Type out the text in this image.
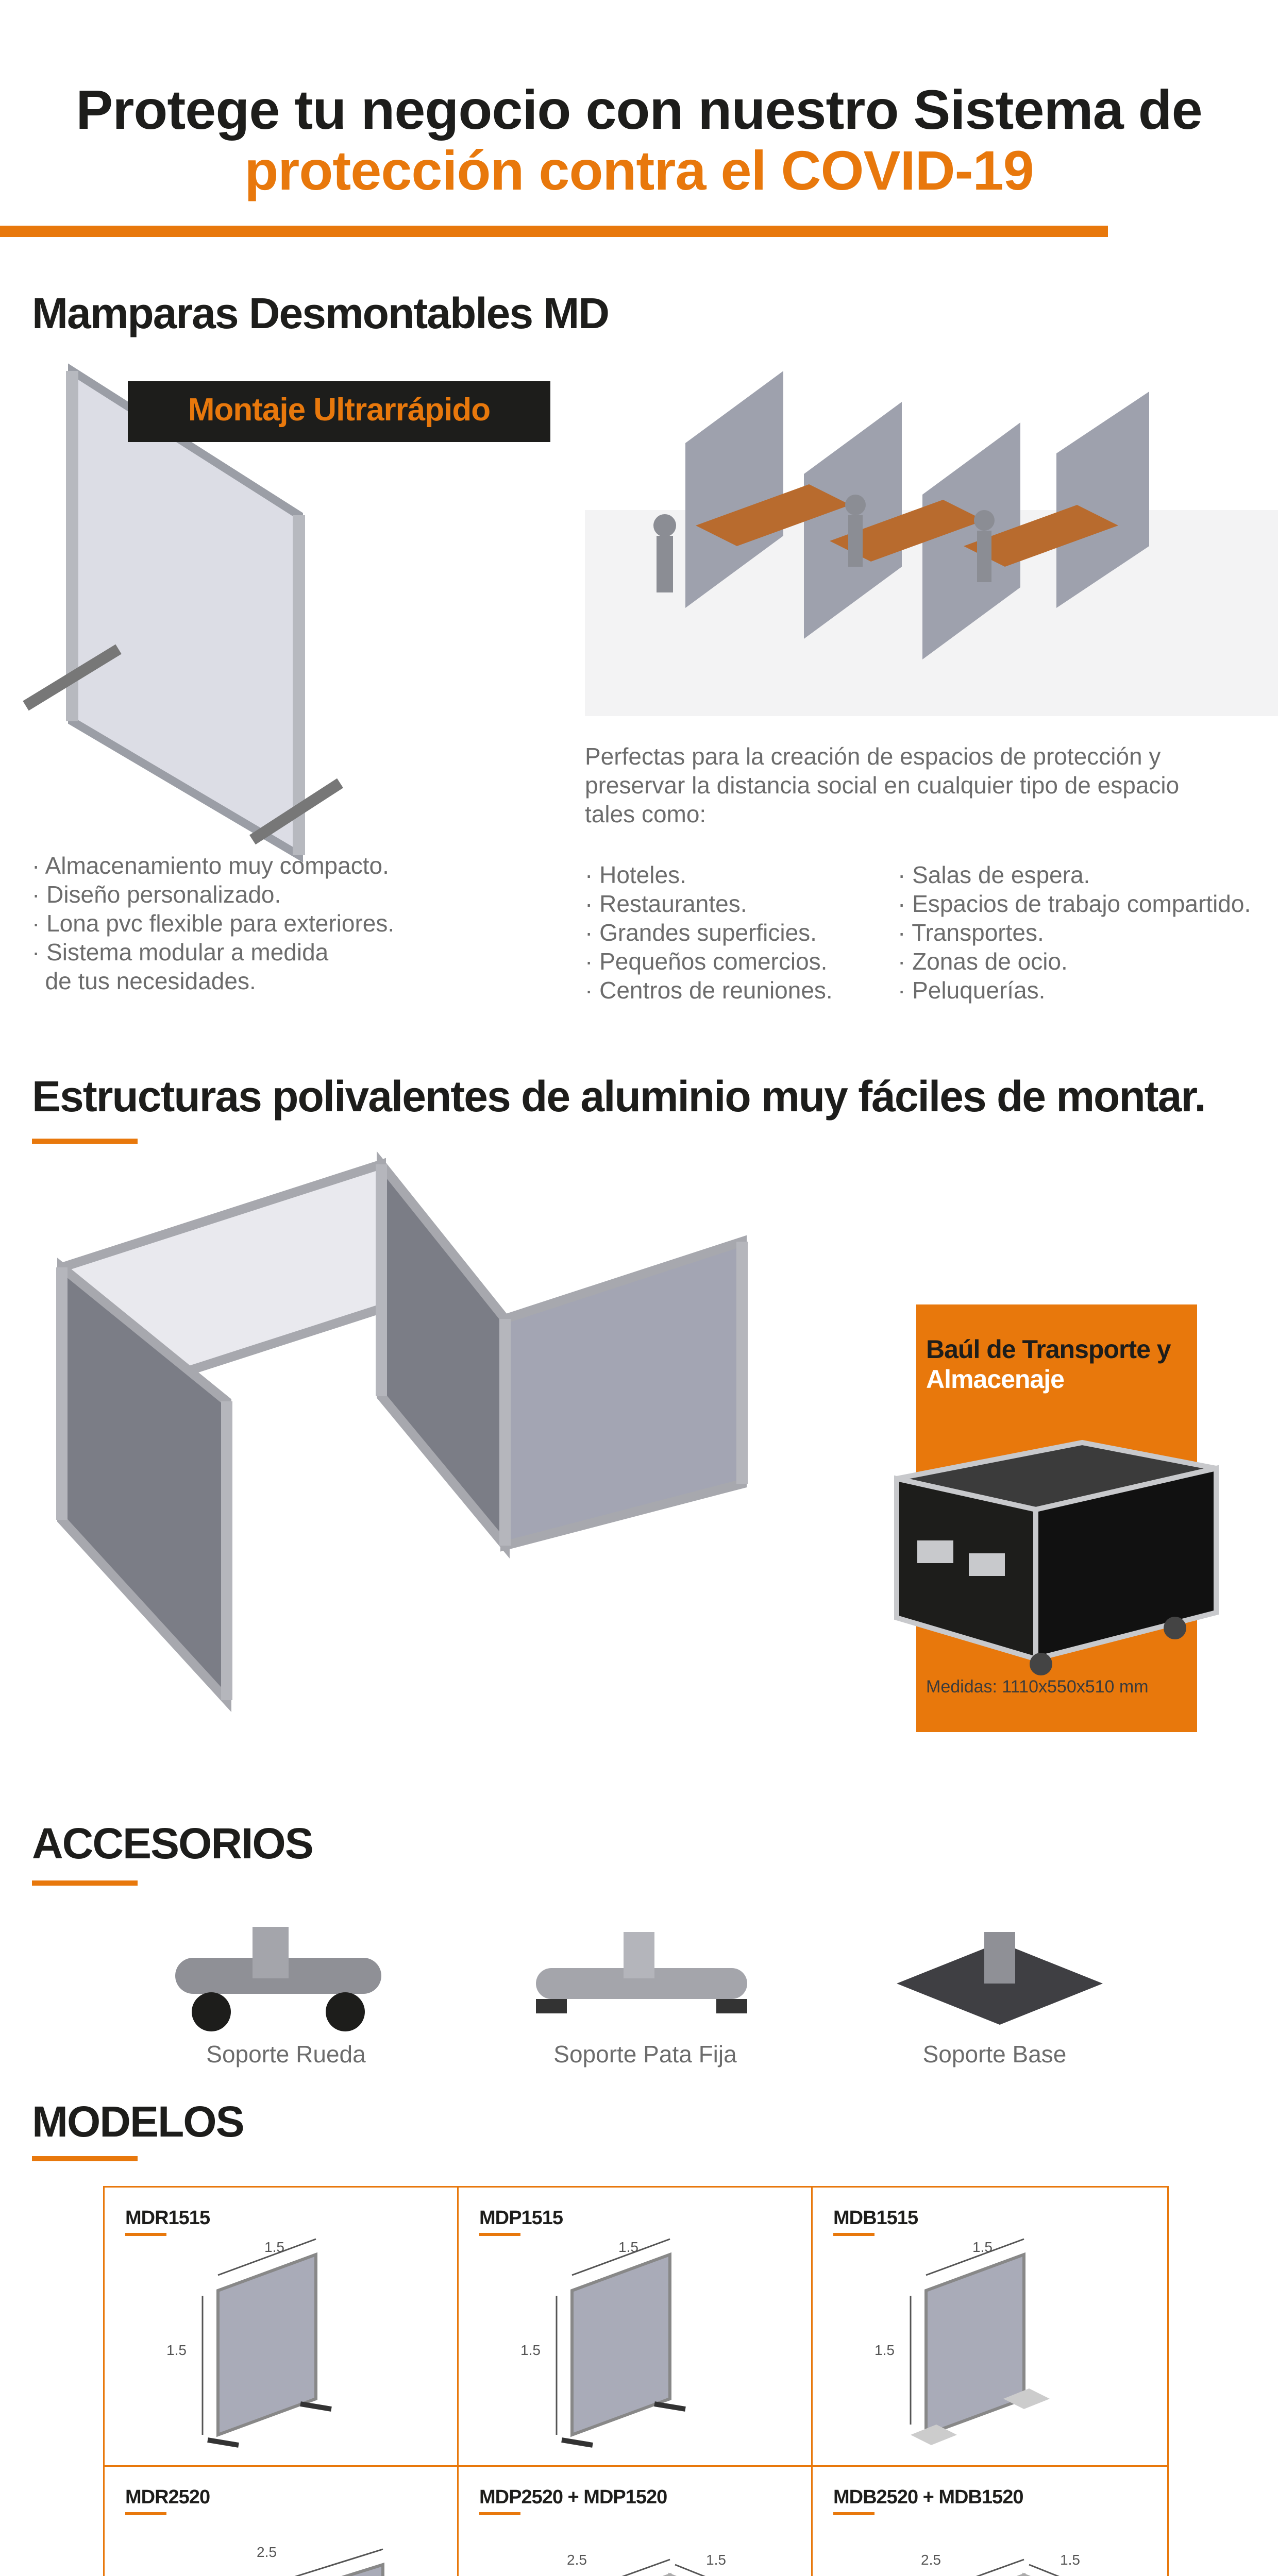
Protege tu negocio con nuestro Sistema de
protección contra el COVID-19
Mamparas Desmontables MD
Montaje Ultrarrápido
· Almacenamiento muy compacto.
· Diseño personalizado.
· Lona pvc flexible para exteriores.
· Sistema modular a medida
de tus necesidades.
Perfectas para la creación de espacios de protección y
preservar la distancia social en cualquier tipo de espacio
tales como:
· Hoteles.
· Restaurantes.
· Grandes superficies.
· Pequeños comercios.
· Centros de reuniones.
· Salas de espera.
· Espacios de trabajo compartido.
· Transportes.
· Zonas de ocio.
· Peluquerías.
Estructuras polivalentes de aluminio muy fáciles de montar.
Baúl de Transporte y
Almacenaje
Medidas: 1110x550x510 mm
ACCESORIOS
Soporte Rueda	Soporte Pata Fija	Soporte Base
MODELOS
MDR1515
1.5
1.5
MDP1515
1.5
1.5
MDB1515
1.5
1.5
MDR2520
2.5
MDP2520 + MDP1520
2.5	1.5
MDB2520 + MDB1520
2.5	1.5
